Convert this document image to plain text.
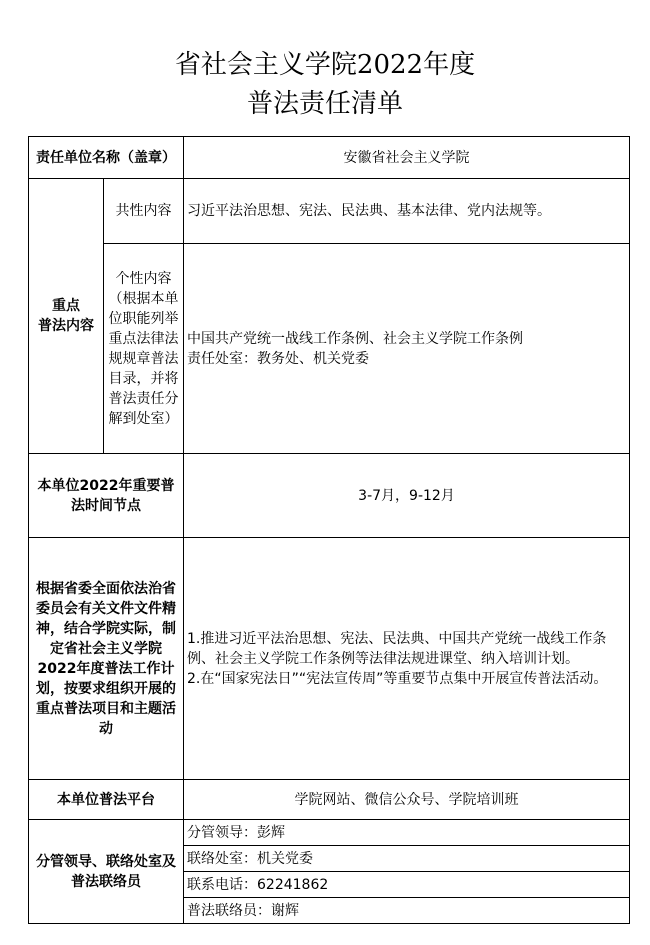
省社会主义学院2022年度
普法责任清单
责任单位名称（盖章）		安徽省社会主义学院
重点
普法内容	共性内容	习近平法治思想、宪法、民法典、基本法律、党内法规等。
	个性内容（根据本单位职能列举重点法律法规规章普法目录，并将普法责任分解到处室）	中国共产党统一战线工作条例、社会主义学院工作条例
责任处室：教务处、机关党委

本单位2022年重要普法时间节点		3-7月，9-12月
根据省委全面依法治省委员会有关文件文件精神，结合学院实际，制定省社会主义学院2022年度普法工作计划，按要求组织开展的重点普法项目和主题活动		1.推进习近平法治思想、宪法、民法典、中国共产党统一战线工作条例、社会主义学院工作条例等法律法规进课堂、纳入培训计划。
2.在“国家宪法日”“宪法宣传周”等重要节点集中开展宣传普法活动。

本单位普法平台		学院网站、微信公众号、学院培训班
分管领导、联络处室及普法联络员		分管领导：彭辉
		联络处室：机关党委
		联系电话：62241862
		普法联络员：谢辉
